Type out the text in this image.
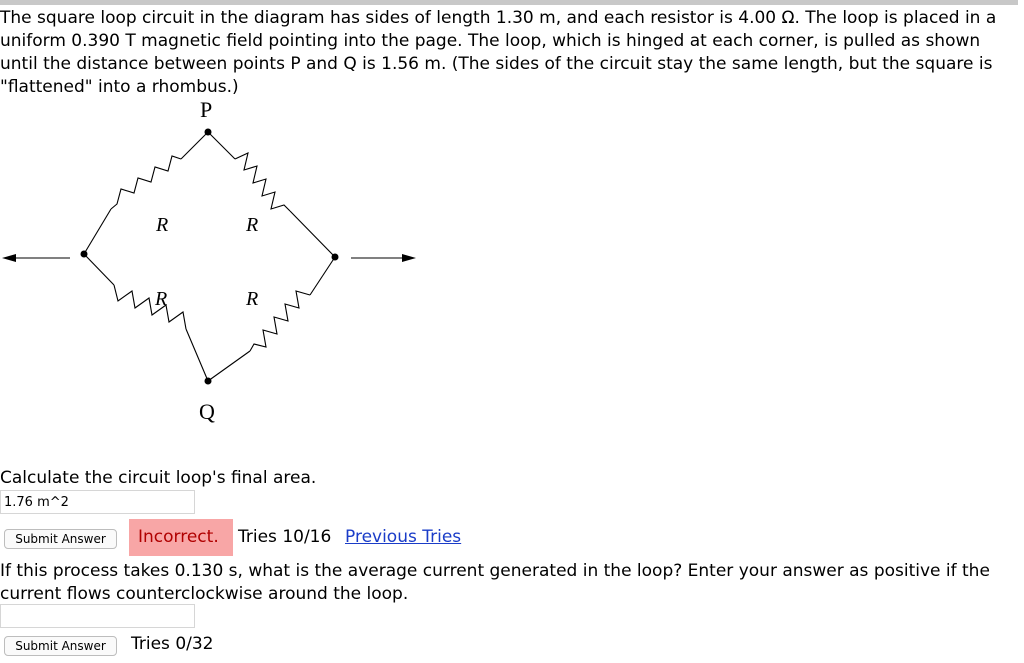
The square loop circuit in the diagram has sides of length 1.30 m, and each resistor is 4.00 Ω. The loop is placed in a uniform 0.390 T magnetic field pointing into the page. The loop, which is hinged at each corner, is pulled as shown until the distance between points P and Q is 1.56 m. (The sides of the circuit stay the same length, but the square is "flattened" into a rhombus.)

P
Q
R	R
R	R
Calculate the circuit loop's final area.
1.76 m^2
Submit Answer	Incorrect.	Tries 10/16 Previous Tries
If this process takes 0.130 s, what is the average current generated in the loop? Enter your answer as positive if the current flows counterclockwise around the loop.
Submit Answer	Tries 0/32
